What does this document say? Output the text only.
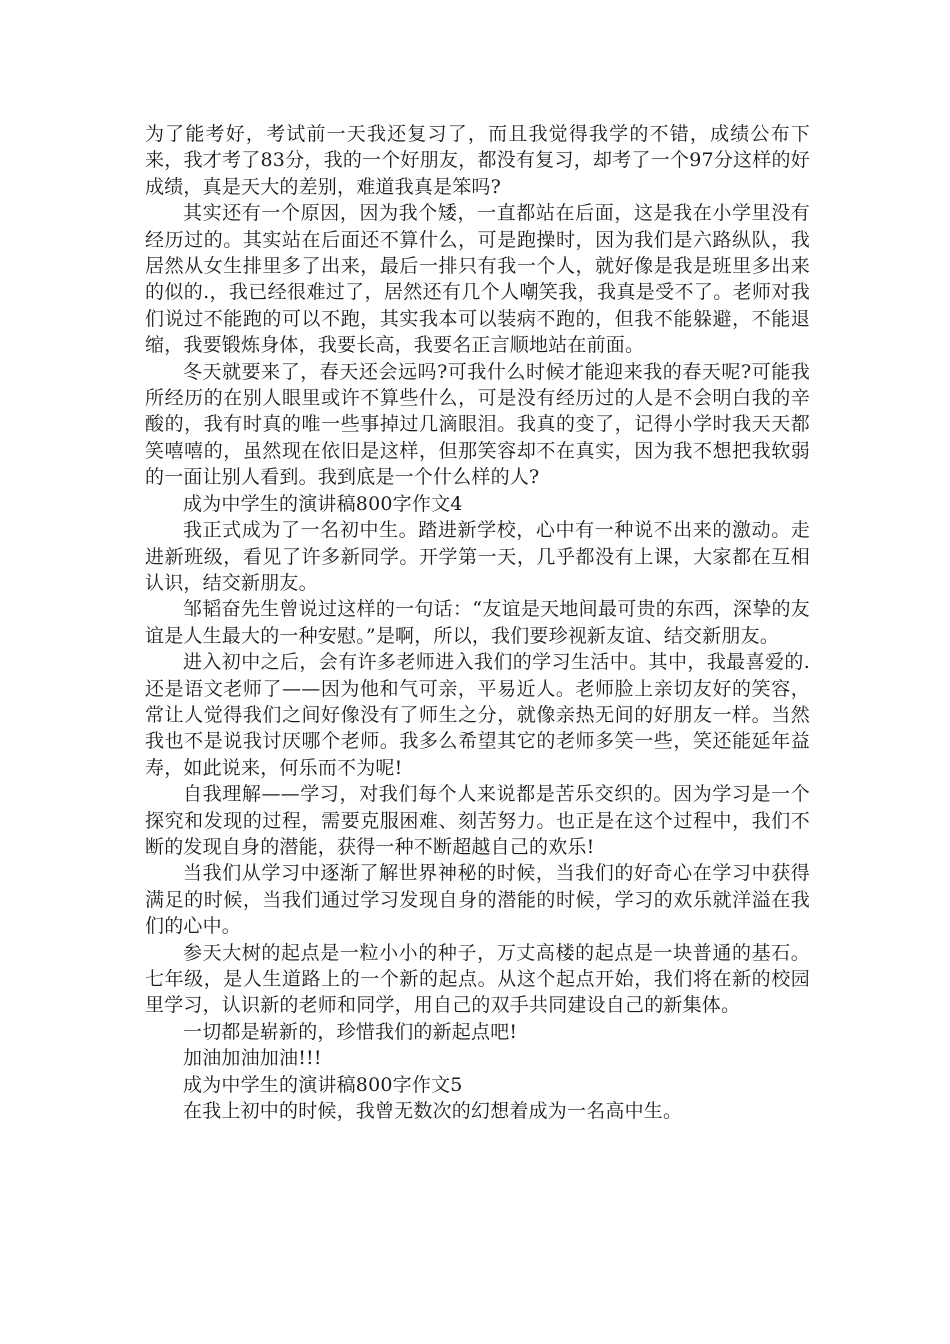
为了能考好，考试前一天我还复习了，而且我觉得我学的不错，成绩公布下来，我才考了83分，我的一个好朋友，都没有复习，却考了一个97分这样的好成绩，真是天大的差别，难道我真是笨吗?

其实还有一个原因，因为我个矮，一直都站在后面，这是我在小学里没有经历过的。其实站在后面还不算什么，可是跑操时，因为我们是六路纵队，我居然从女生排里多了出来，最后一排只有我一个人，就好像是我是班里多出来的似的.，我已经很难过了，居然还有几个人嘲笑我，我真是受不了。老师对我们说过不能跑的可以不跑，其实我本可以装病不跑的，但我不能躲避，不能退缩，我要锻炼身体，我要长高，我要名正言顺地站在前面。

冬天就要来了，春天还会远吗?可我什么时候才能迎来我的春天呢?可能我所经历的在别人眼里或许不算些什么，可是没有经历过的人是不会明白我的辛酸的，我有时真的唯一些事掉过几滴眼泪。我真的变了，记得小学时我天天都笑嘻嘻的，虽然现在依旧是这样，但那笑容却不在真实，因为我不想把我软弱的一面让别人看到。我到底是一个什么样的人?

成为中学生的演讲稿800字作文4

我正式成为了一名初中生。踏进新学校，心中有一种说不出来的激动。走进新班级，看见了许多新同学。开学第一天，几乎都没有上课，大家都在互相认识，结交新朋友。

邹韬奋先生曾说过这样的一句话：“友谊是天地间最可贵的东西，深挚的友谊是人生最大的一种安慰。”是啊，所以，我们要珍视新友谊、结交新朋友。

进入初中之后，会有许多老师进入我们的学习生活中。其中，我最喜爱的.还是语文老师了——因为他和气可亲，平易近人。老师脸上亲切友好的笑容，常让人觉得我们之间好像没有了师生之分，就像亲热无间的好朋友一样。当然我也不是说我讨厌哪个老师。我多么希望其它的老师多笑一些，笑还能延年益寿，如此说来，何乐而不为呢!

自我理解——学习，对我们每个人来说都是苦乐交织的。因为学习是一个探究和发现的过程，需要克服困难、刻苦努力。也正是在这个过程中，我们不断的发现自身的潜能，获得一种不断超越自己的欢乐!

当我们从学习中逐渐了解世界神秘的时候，当我们的好奇心在学习中获得满足的时候，当我们通过学习发现自身的潜能的时候，学习的欢乐就洋溢在我们的心中。

参天大树的起点是一粒小小的种子，万丈高楼的起点是一块普通的基石。七年级，是人生道路上的一个新的起点。从这个起点开始，我们将在新的校园里学习，认识新的老师和同学，用自己的双手共同建设自己的新集体。

一切都是崭新的，珍惜我们的新起点吧!

加油加油加油!!!

成为中学生的演讲稿800字作文5

在我上初中的时候，我曾无数次的幻想着成为一名高中生。
